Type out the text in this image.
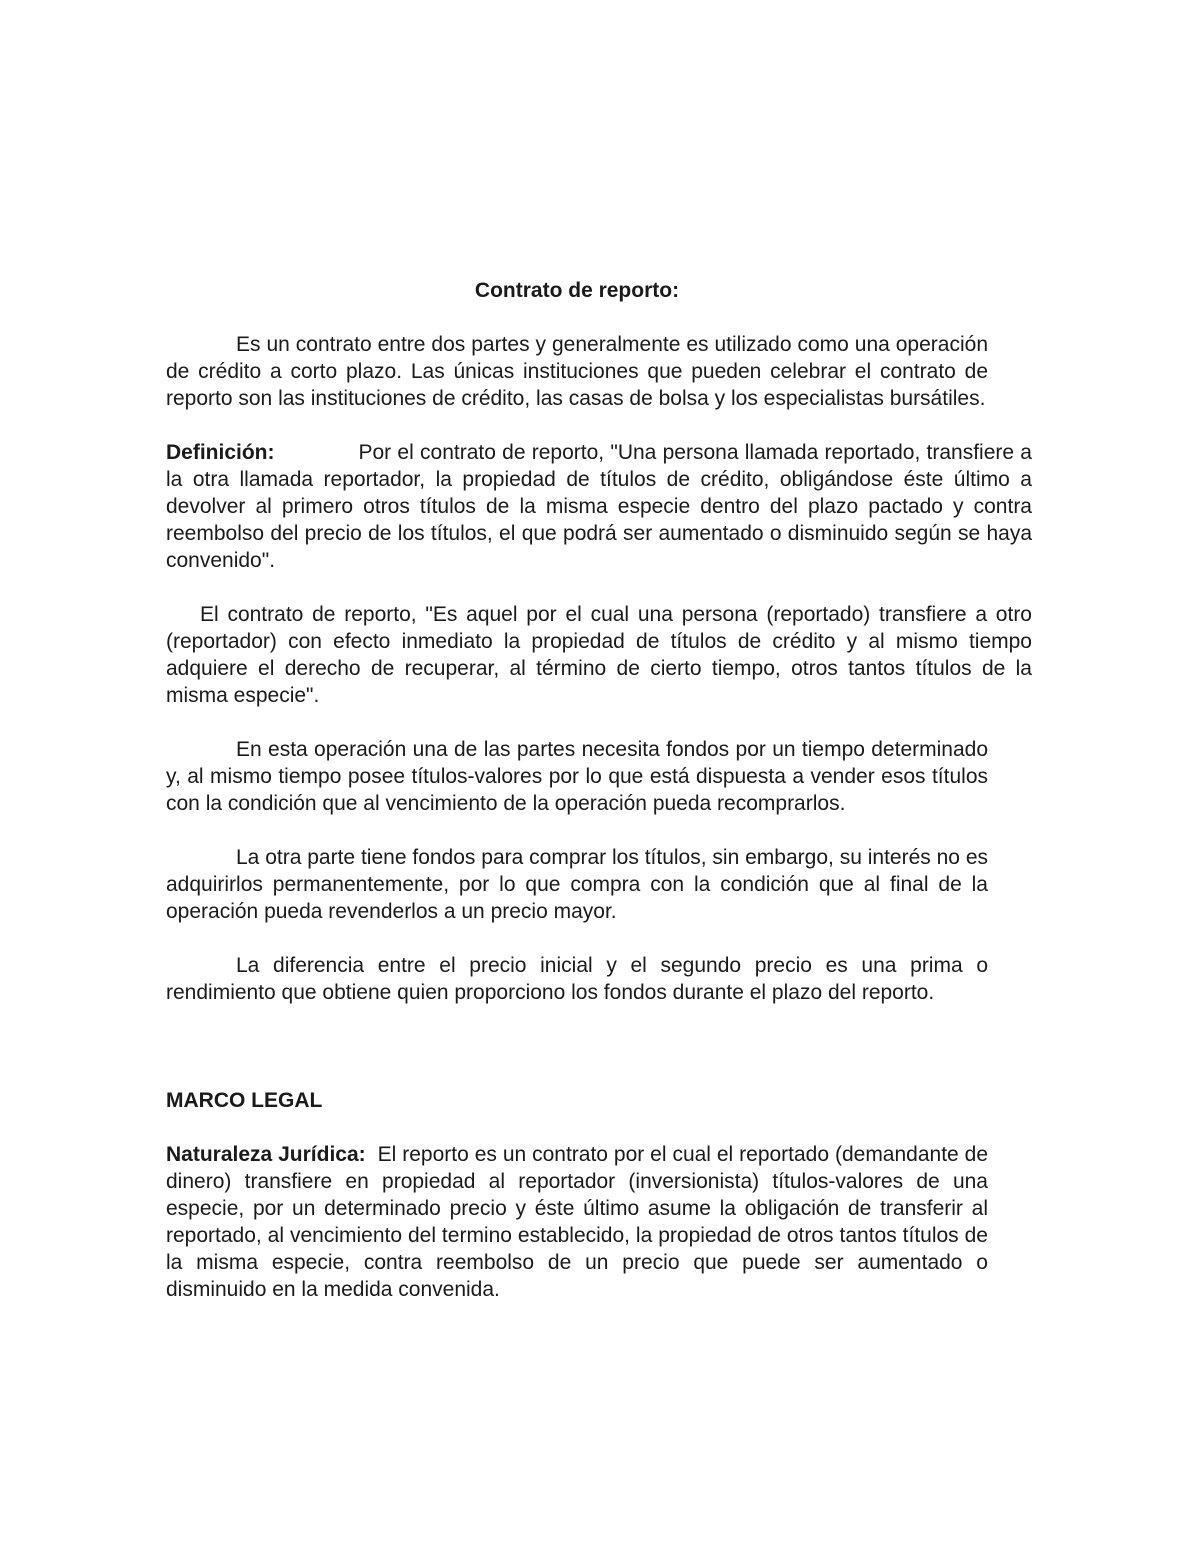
Contrato de reporto:

Es un contrato entre dos partes y generalmente es utilizado como una operación de crédito a corto plazo. Las únicas instituciones que pueden celebrar el contrato de reporto son las instituciones de crédito, las casas de bolsa y los especialistas bursátiles.

Definición:	Por el contrato de reporto, "Una persona llamada reportado, transfiere a la otra llamada reportador, la propiedad de títulos de crédito, obligándose éste último a devolver al primero otros títulos de la misma especie dentro del plazo pactado y contra reembolso del precio de los títulos, el que podrá ser aumentado o disminuido según se haya convenido".

El contrato de reporto, "Es aquel por el cual una persona (reportado) transfiere a otro (reportador) con efecto inmediato la propiedad de títulos de crédito y al mismo tiempo adquiere el derecho de recuperar, al término de cierto tiempo, otros tantos títulos de la misma especie".

En esta operación una de las partes necesita fondos por un tiempo determinado y, al mismo tiempo posee títulos-valores por lo que está dispuesta a vender esos títulos con la condición que al vencimiento de la operación pueda recomprarlos.

La otra parte tiene fondos para comprar los títulos, sin embargo, su interés no es adquirirlos permanentemente, por lo que compra con la condición que al final de la operación pueda revenderlos a un precio mayor.

La diferencia entre el precio inicial y el segundo precio es una prima o rendimiento que obtiene quien proporciono los fondos durante el plazo del reporto.

MARCO LEGAL

Naturaleza Jurídica: El reporto es un contrato por el cual el reportado (demandante de dinero) transfiere en propiedad al reportador (inversionista) títulos-valores de una especie, por un determinado precio y éste último asume la obligación de transferir al reportado, al vencimiento del termino establecido, la propiedad de otros tantos títulos de la misma especie, contra reembolso de un precio que puede ser aumentado o disminuido en la medida convenida.
